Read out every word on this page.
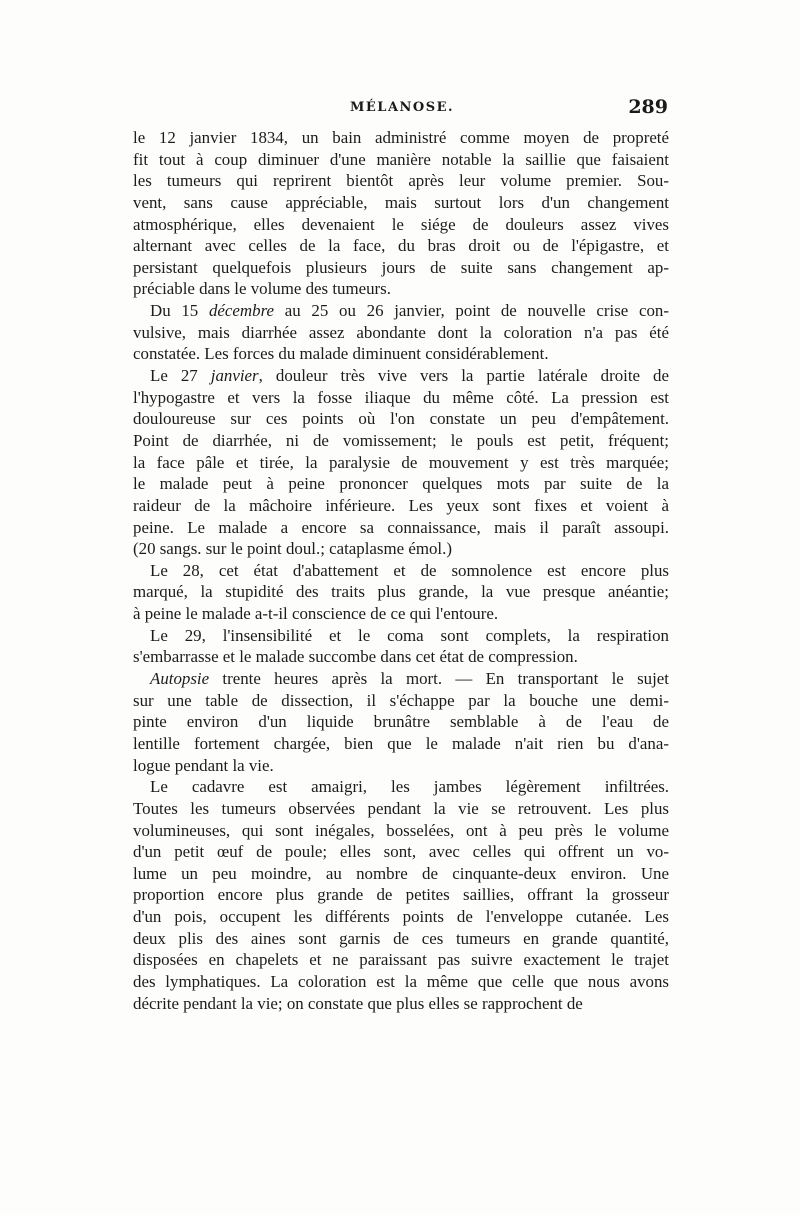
MÉLANOSE.	289
le 12 janvier 1834, un bain administré comme moyen de propreté
fit tout à coup diminuer d'une manière notable la saillie que faisaient
les tumeurs qui reprirent bientôt après leur volume premier. Sou-
vent, sans cause appréciable, mais surtout lors d'un changement
atmosphérique, elles devenaient le siége de douleurs assez vives
alternant avec celles de la face, du bras droit ou de l'épigastre, et
persistant quelquefois plusieurs jours de suite sans changement ap-
préciable dans le volume des tumeurs.
Du 15 décembre au 25 ou 26 janvier, point de nouvelle crise con-
vulsive, mais diarrhée assez abondante dont la coloration n'a pas été
constatée. Les forces du malade diminuent considérablement.
Le 27 janvier, douleur très vive vers la partie latérale droite de
l'hypogastre et vers la fosse iliaque du même côté. La pression est
douloureuse sur ces points où l'on constate un peu d'empâtement.
Point de diarrhée, ni de vomissement; le pouls est petit, fréquent;
la face pâle et tirée, la paralysie de mouvement y est très marquée;
le malade peut à peine prononcer quelques mots par suite de la
raideur de la mâchoire inférieure. Les yeux sont fixes et voient à
peine. Le malade a encore sa connaissance, mais il paraît assoupi.
(20 sangs. sur le point doul.; cataplasme émol.)
Le 28, cet état d'abattement et de somnolence est encore plus
marqué, la stupidité des traits plus grande, la vue presque anéantie;
à peine le malade a-t-il conscience de ce qui l'entoure.
Le 29, l'insensibilité et le coma sont complets, la respiration
s'embarrasse et le malade succombe dans cet état de compression.
Autopsie trente heures après la mort. — En transportant le sujet
sur une table de dissection, il s'échappe par la bouche une demi-
pinte environ d'un liquide brunâtre semblable à de l'eau de
lentille fortement chargée, bien que le malade n'ait rien bu d'ana-
logue pendant la vie.
Le cadavre est amaigri, les jambes légèrement infiltrées.
Toutes les tumeurs observées pendant la vie se retrouvent. Les plus
volumineuses, qui sont inégales, bosselées, ont à peu près le volume
d'un petit œuf de poule; elles sont, avec celles qui offrent un vo-
lume un peu moindre, au nombre de cinquante-deux environ. Une
proportion encore plus grande de petites saillies, offrant la grosseur
d'un pois, occupent les différents points de l'enveloppe cutanée. Les
deux plis des aines sont garnis de ces tumeurs en grande quantité,
disposées en chapelets et ne paraissant pas suivre exactement le trajet
des lymphatiques. La coloration est la même que celle que nous avons
décrite pendant la vie; on constate que plus elles se rapprochent de
